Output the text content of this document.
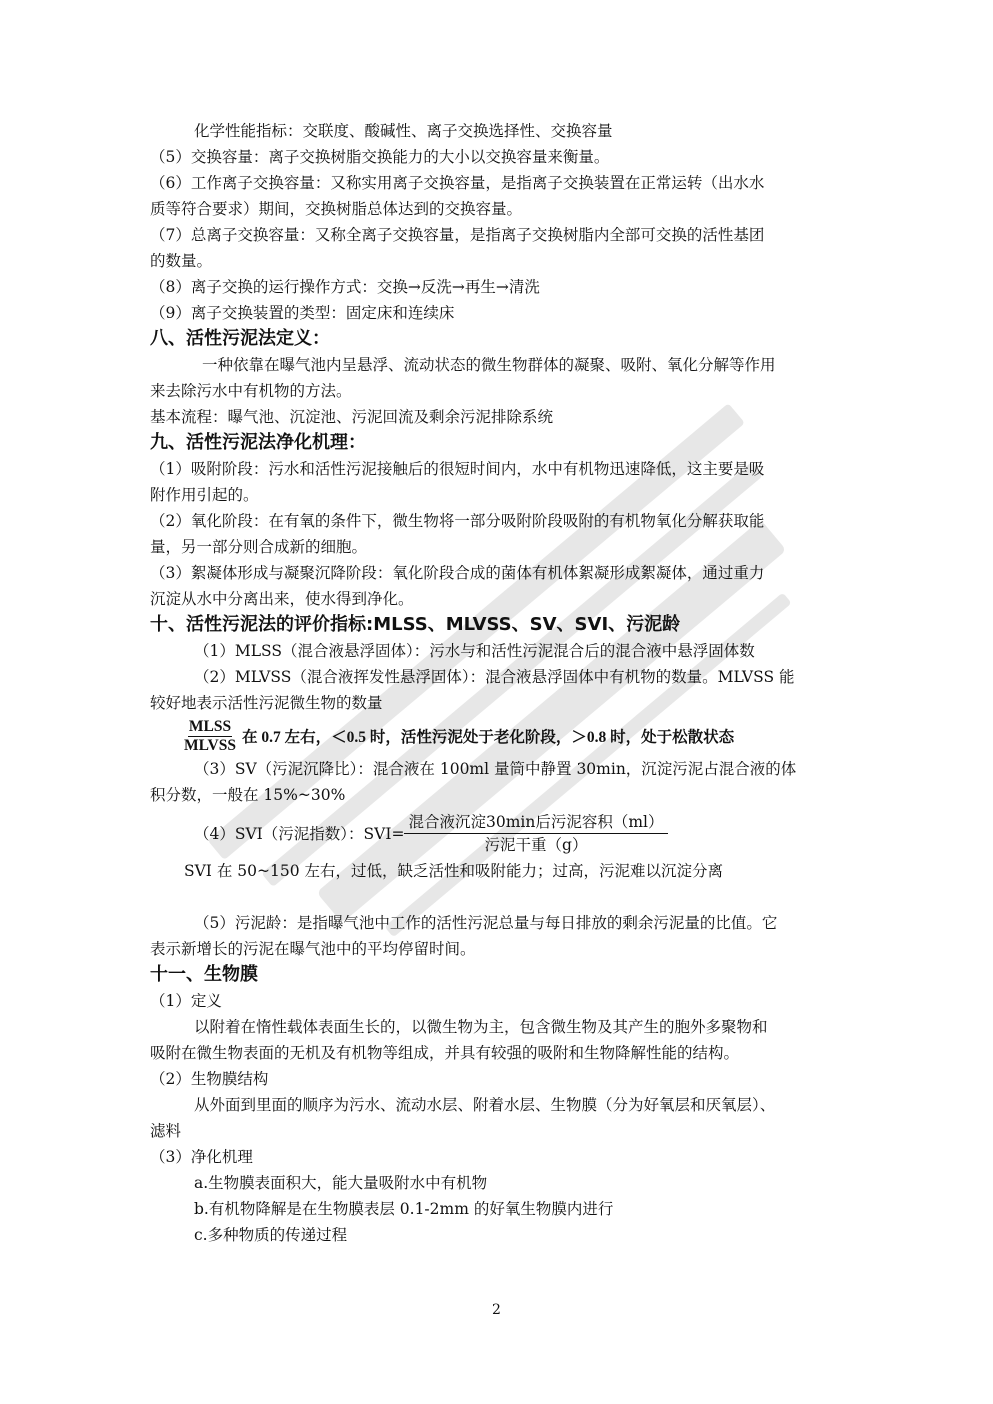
化学性能指标：交联度、酸碱性、离子交换选择性、交换容量
（5）交换容量：离子交换树脂交换能力的大小以交换容量来衡量。
（6）工作离子交换容量：又称实用离子交换容量，是指离子交换装置在正常运转（出水水
质等符合要求）期间，交换树脂总体达到的交换容量。
（7）总离子交换容量：又称全离子交换容量，是指离子交换树脂内全部可交换的活性基团
的数量。
（8）离子交换的运行操作方式：交换→反洗→再生→清洗
（9）离子交换装置的类型：固定床和连续床
八、活性污泥法定义：
一种依靠在曝气池内呈悬浮、流动状态的微生物群体的凝聚、吸附、氧化分解等作用
来去除污水中有机物的方法。
基本流程：曝气池、沉淀池、污泥回流及剩余污泥排除系统
九、活性污泥法净化机理：
（1）吸附阶段：污水和活性污泥接触后的很短时间内，水中有机物迅速降低，这主要是吸
附作用引起的。
（2）氧化阶段：在有氧的条件下，微生物将一部分吸附阶段吸附的有机物氧化分解获取能
量，另一部分则合成新的细胞。
（3）絮凝体形成与凝聚沉降阶段：氧化阶段合成的菌体有机体絮凝形成絮凝体，通过重力
沉淀从水中分离出来，使水得到净化。
十、活性污泥法的评价指标:MLSS、MLVSS、SV、SVI、污泥龄
（1）MLSS（混合液悬浮固体）：污水与和活性污泥混合后的混合液中悬浮固体数
（2）MLVSS（混合液挥发性悬浮固体）：混合液悬浮固体中有机物的数量。MLVSS 能
较好地表示活性污泥微生物的数量
$\frac{\text{MLSS}}{\text{MLVSS}}$ 在 0.7 左右，＜0.5 时，活性污泥处于老化阶段，＞0.8 时，处于松散状态
（3）SV（污泥沉降比）：混合液在 100ml 量筒中静置 30min，沉淀污泥占混合液的体
积分数，一般在 15%~30%
（4）SVI（污泥指数）：$SVI= \frac{\text{混合液沉淀30min后污泥容积（ml）}}{\text{污泥干重（g）}}$
SVI 在 50~150 左右，过低，缺乏活性和吸附能力；过高，污泥难以沉淀分离
（5）污泥龄：是指曝气池中工作的活性污泥总量与每日排放的剩余污泥量的比值。它
表示新增长的污泥在曝气池中的平均停留时间。
十一、生物膜
（1）定义
以附着在惰性载体表面生长的，以微生物为主，包含微生物及其产生的胞外多聚物和
吸附在微生物表面的无机及有机物等组成，并具有较强的吸附和生物降解性能的结构。
（2）生物膜结构
从外面到里面的顺序为污水、流动水层、附着水层、生物膜（分为好氧层和厌氧层）、
滤料
（3）净化机理
a.生物膜表面积大，能大量吸附水中有机物
b.有机物降解是在生物膜表层 0.1-2mm 的好氧生物膜内进行
c.多种物质的传递过程
2
